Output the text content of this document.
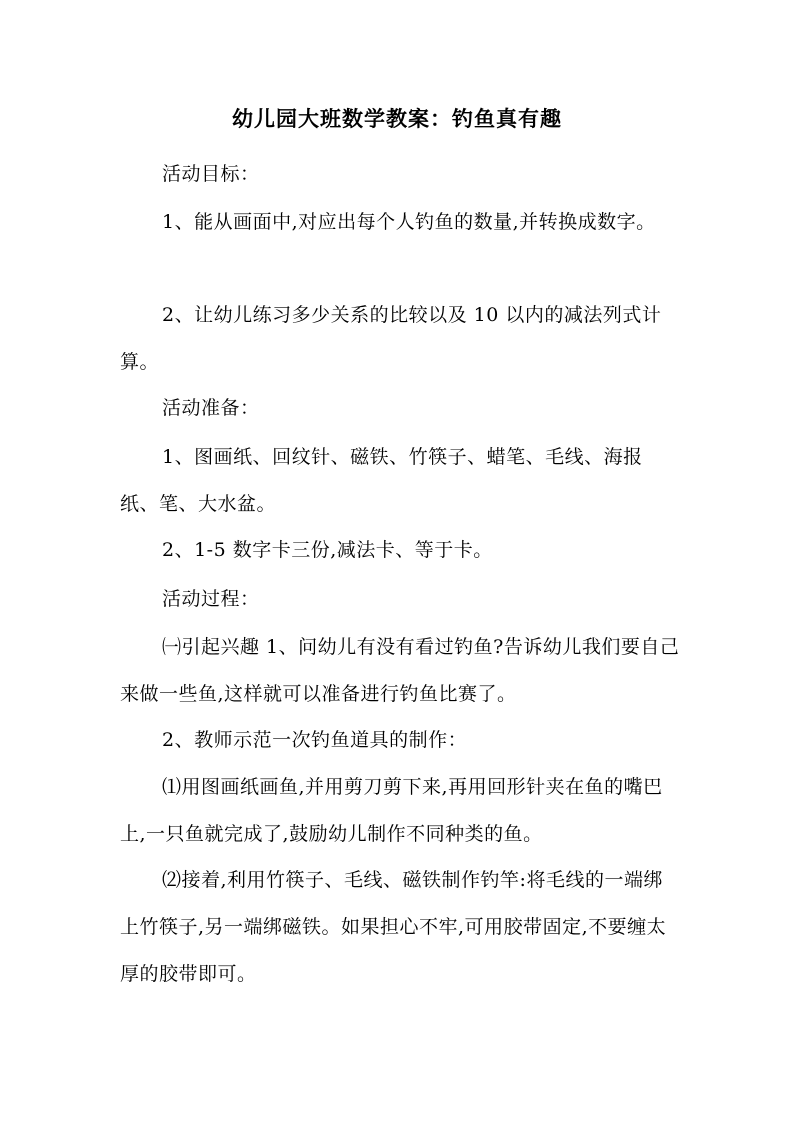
幼儿园大班数学教案：钓鱼真有趣

活动目标：

1、能从画面中,对应出每个人钓鱼的数量,并转换成数字。

2、让幼儿练习多少关系的比较以及 10 以内的减法列式计算。

活动准备：

1、图画纸、回纹针、磁铁、竹筷子、蜡笔、毛线、海报纸、笔、大水盆。

2、1-5 数字卡三份,减法卡、等于卡。

活动过程：

㈠引起兴趣 1、问幼儿有没有看过钓鱼?告诉幼儿我们要自己来做一些鱼,这样就可以准备进行钓鱼比赛了。

2、教师示范一次钓鱼道具的制作：

⑴用图画纸画鱼,并用剪刀剪下来,再用回形针夹在鱼的嘴巴上,一只鱼就完成了,鼓励幼儿制作不同种类的鱼。

⑵接着,利用竹筷子、毛线、磁铁制作钓竿:将毛线的一端绑上竹筷子,另一端绑磁铁。如果担心不牢,可用胶带固定,不要缠太厚的胶带即可。
